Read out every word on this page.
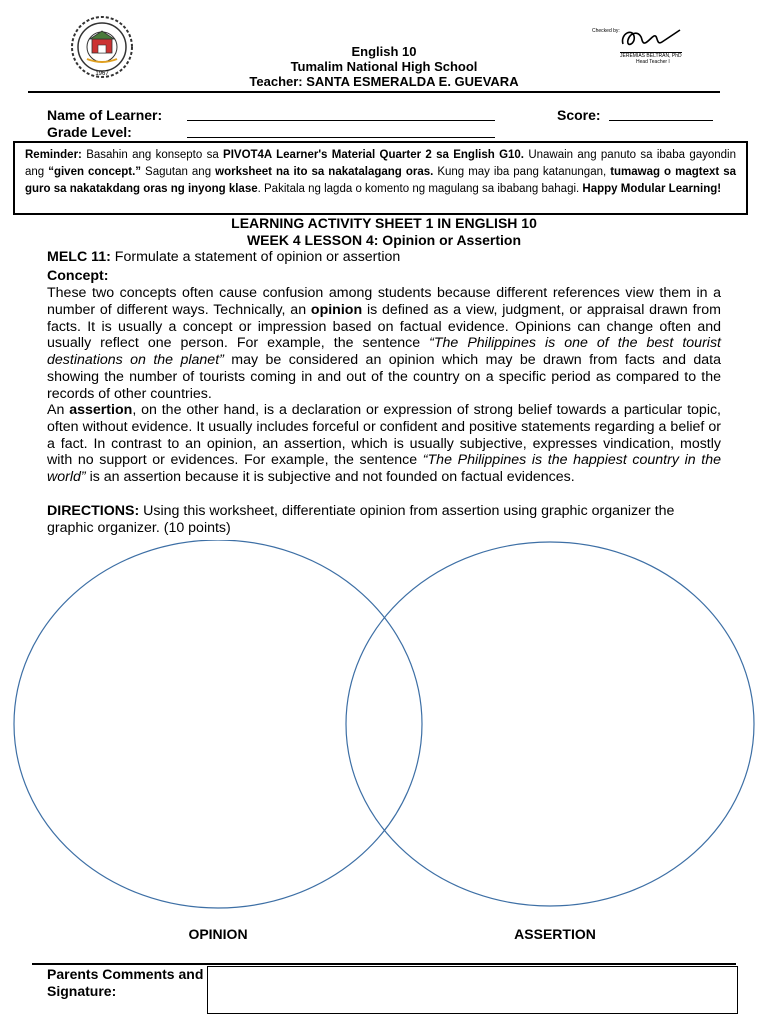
1967
English 10
Tumalim National High School
Teacher: SANTA ESMERALDA E. GUEVARA
Checked by:
JEREMIAS BELTRAN, PhD
Head Teacher I
Name of Learner:
Grade Level:
Score:
Reminder: Basahin ang konsepto sa PIVOT4A Learner's Material Quarter 2 sa English G10. Unawain ang panuto sa ibaba gayondin ang “given concept.” Sagutan ang worksheet na ito sa nakatalagang oras. Kung may iba pang katanungan, tumawag o magtext sa guro sa nakatakdang oras ng inyong klase. Pakitala ng lagda o komento ng magulang sa ibabang bahagi. Happy Modular Learning!
LEARNING ACTIVITY SHEET 1 IN ENGLISH 10
WEEK 4 LESSON 4: Opinion or Assertion
MELC 11: Formulate a statement of opinion or assertion
Concept:
These two concepts often cause confusion among students because different references view them in a number of different ways. Technically, an opinion is defined as a view, judgment, or appraisal drawn from facts. It is usually a concept or impression based on factual evidence. Opinions can change often and usually reflect one person. For example, the sentence “The Philippines is one of the best tourist destinations on the planet” may be considered an opinion which may be drawn from facts and data showing the number of tourists coming in and out of the country on a specific period as compared to the records of other countries.
An assertion, on the other hand, is a declaration or expression of strong belief towards a particular topic, often without evidence. It usually includes forceful or confident and positive statements regarding a belief or a fact. In contrast to an opinion, an assertion, which is usually subjective, expresses vindication, mostly with no support or evidences. For example, the sentence “The Philippines is the happiest country in the world” is an assertion because it is subjective and not founded on factual evidences.
DIRECTIONS: Using this worksheet, differentiate opinion from assertion using graphic organizer the graphic organizer. (10 points)
OPINION	ASSERTION
Parents Comments and Signature:
